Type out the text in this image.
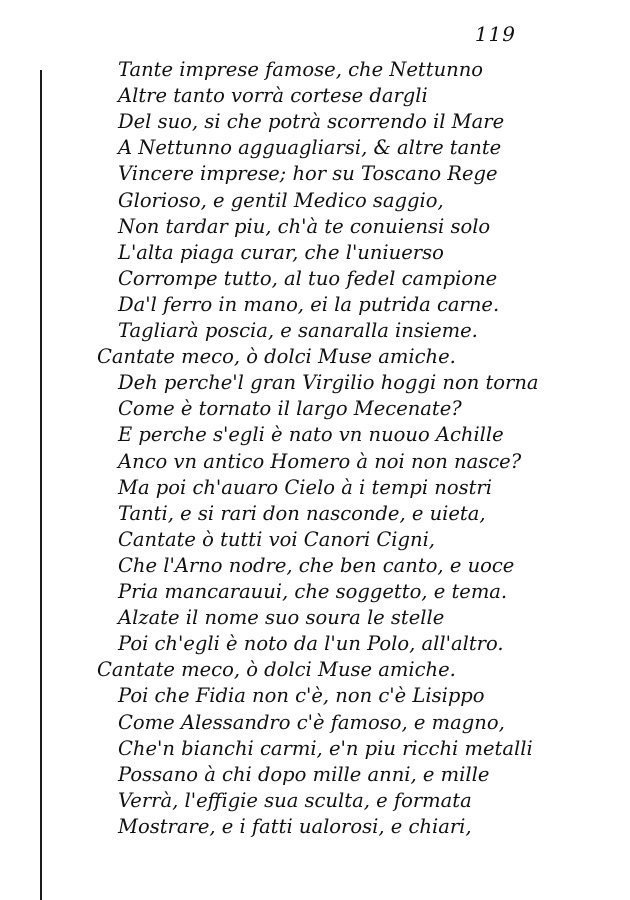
119
Tante imprese famose, che Nettunno
Altre tanto vorrà cortese dargli
Del suo, si che potrà scorrendo il Mare
A Nettunno agguagliarsi, & altre tante
Vincere imprese; hor su Toscano Rege
Glorioso, e gentil Medico saggio,
Non tardar piu, ch'à te conuiensi solo
L'alta piaga curar, che l'uniuerso
Corrompe tutto, al tuo fedel campione
Da'l ferro in mano, ei la putrida carne.
Tagliarà poscia, e sanaralla insieme.
Cantate meco, ò dolci Muse amiche.
Deh perche'l gran Virgilio hoggi non torna
Come è tornato il largo Mecenate?
E perche s'egli è nato vn nuouo Achille
Anco vn antico Homero à noi non nasce?
Ma poi ch'auaro Cielo à i tempi nostri
Tanti, e si rari don nasconde, e uieta,
Cantate ò tutti voi Canori Cigni,
Che l'Arno nodre, che ben canto, e uoce
Pria mancarauui, che soggetto, e tema.
Alzate il nome suo soura le stelle
Poi ch'egli è noto da l'un Polo, all'altro.
Cantate meco, ò dolci Muse amiche.
Poi che Fidia non c'è, non c'è Lisippo
Come Alessandro c'è famoso, e magno,
Che'n bianchi carmi, e'n piu ricchi metalli
Possano à chi dopo mille anni, e mille
Verrà, l'effigie sua sculta, e formata
Mostrare, e i fatti ualorosi, e chiari,
